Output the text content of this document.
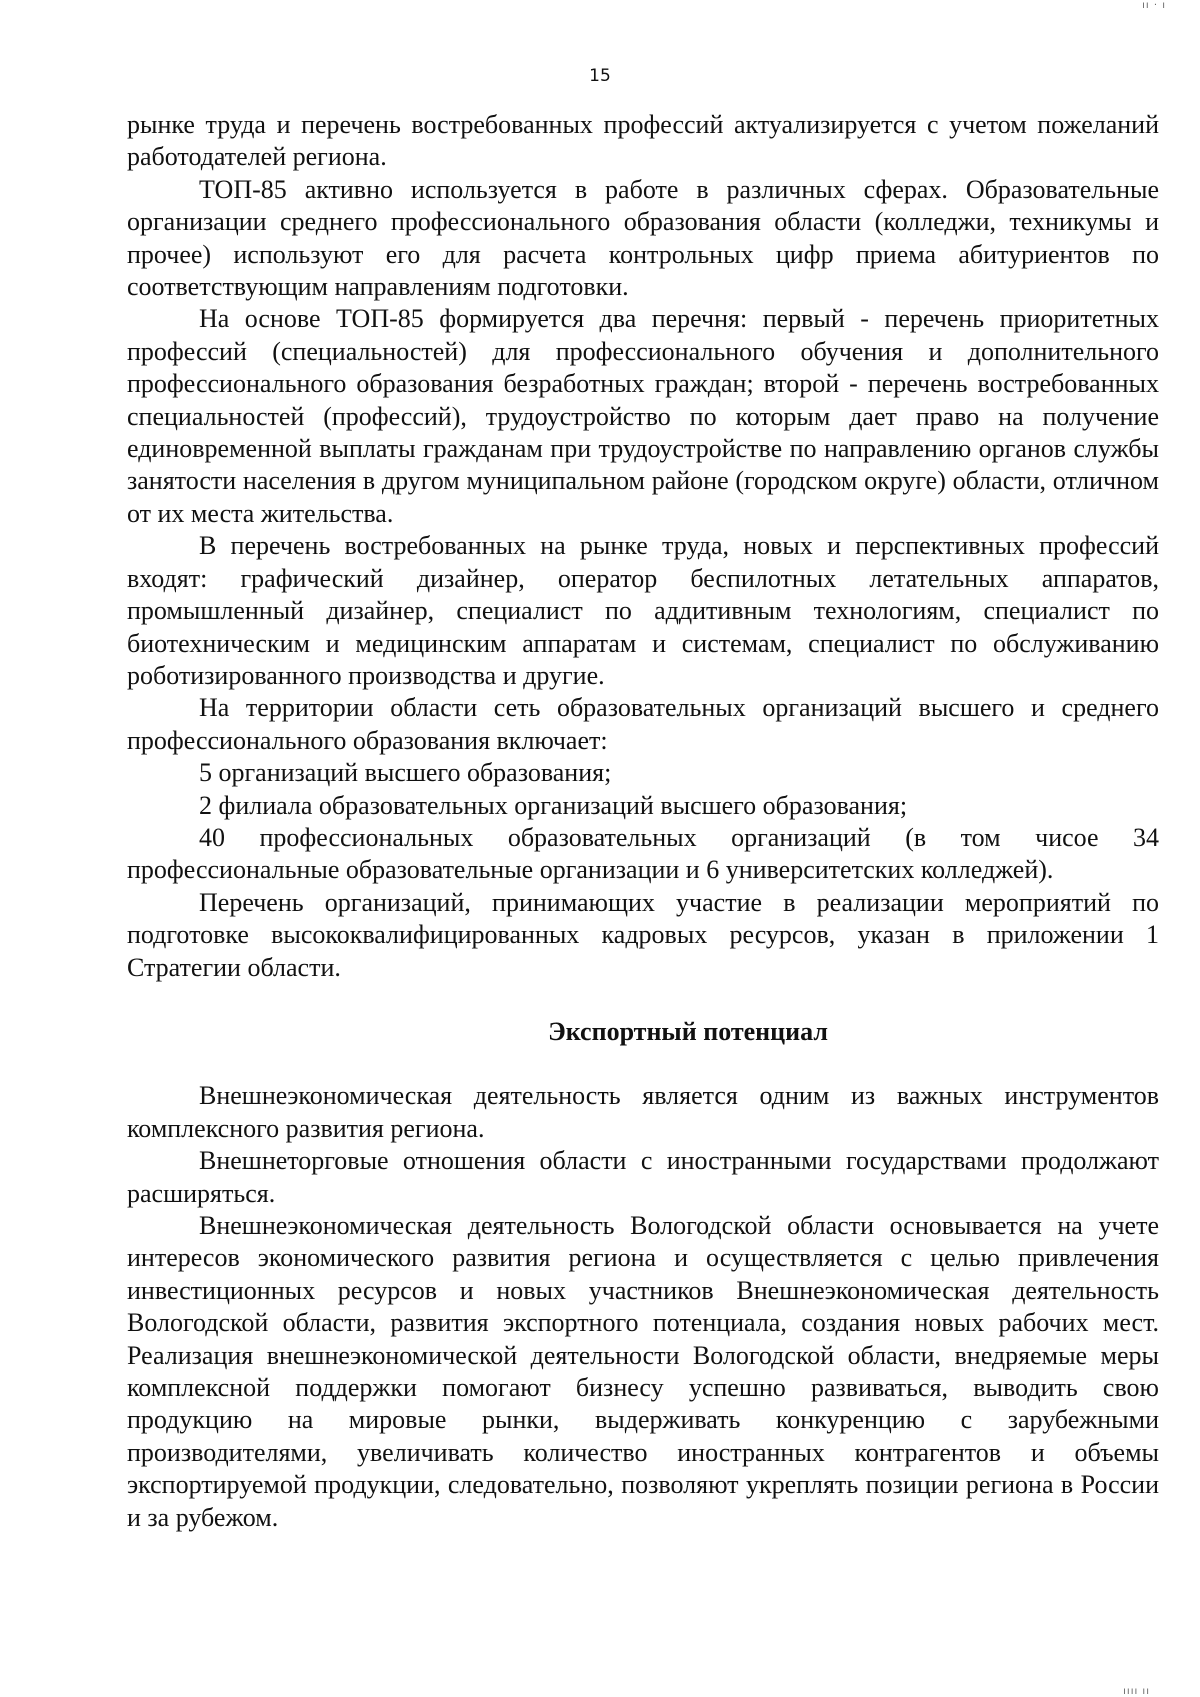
ıı · ı
15

рынке труда и перечень востребованных профессий актуализируется с учетом пожеланий работодателей региона.

ТОП-85 активно используется в работе в различных сферах. Образовательные организации среднего профессионального образования области (колледжи, техникумы и прочее) используют его для расчета контрольных цифр приема абитуриентов по соответствующим направлениям подготовки.

На основе ТОП-85 формируется два перечня: первый - перечень приоритетных профессий (специальностей) для профессионального обучения и дополнительного профессионального образования безработных граждан; второй - перечень востребованных специальностей (профессий), трудоустройство по которым дает право на получение единовременной выплаты гражданам при трудоустройстве по направлению органов службы занятости населения в другом муниципальном районе (городском округе) области, отличном от их места жительства.

В перечень востребованных на рынке труда, новых и перспективных профессий входят: графический дизайнер, оператор беспилотных летательных аппаратов, промышленный дизайнер, специалист по аддитивным технологиям, специалист по биотехническим и медицинским аппаратам и системам, специалист по обслуживанию роботизированного производства и другие.

На территории области сеть образовательных организаций высшего и среднего профессионального образования включает:

5 организаций высшего образования;

2 филиала образовательных организаций высшего образования;

40 профессиональных образовательных организаций (в том чисое 34 профессиональные образовательные организации и 6 университетских колледжей).

Перечень организаций, принимающих участие в реализации мероприятий по подготовке высококвалифицированных кадровых ресурсов, указан в приложении 1 Стратегии области.

Экспортный потенциал

Внешнеэкономическая деятельность является одним из важных инструментов комплексного развития региона.

Внешнеторговые отношения области с иностранными государствами продолжают расширяться.

Внешнеэкономическая деятельность Вологодской области основывается на учете интересов экономического развития региона и осуществляется с целью привлечения инвестиционных ресурсов и новых участников Внешнеэкономическая деятельность Вологодской области, развития экспортного потенциала, создания новых рабочих мест. Реализация внешнеэкономической деятельности Вологодской области, внедряемые меры комплексной поддержки помогают бизнесу успешно развиваться, выводить свою продукцию на мировые рынки, выдерживать конкуренцию с зарубежными производителями, увеличивать количество иностранных контрагентов и объемы экспортируемой продукции, следовательно, позволяют укреплять позиции региона в России и за рубежом.

ıııı ıı
